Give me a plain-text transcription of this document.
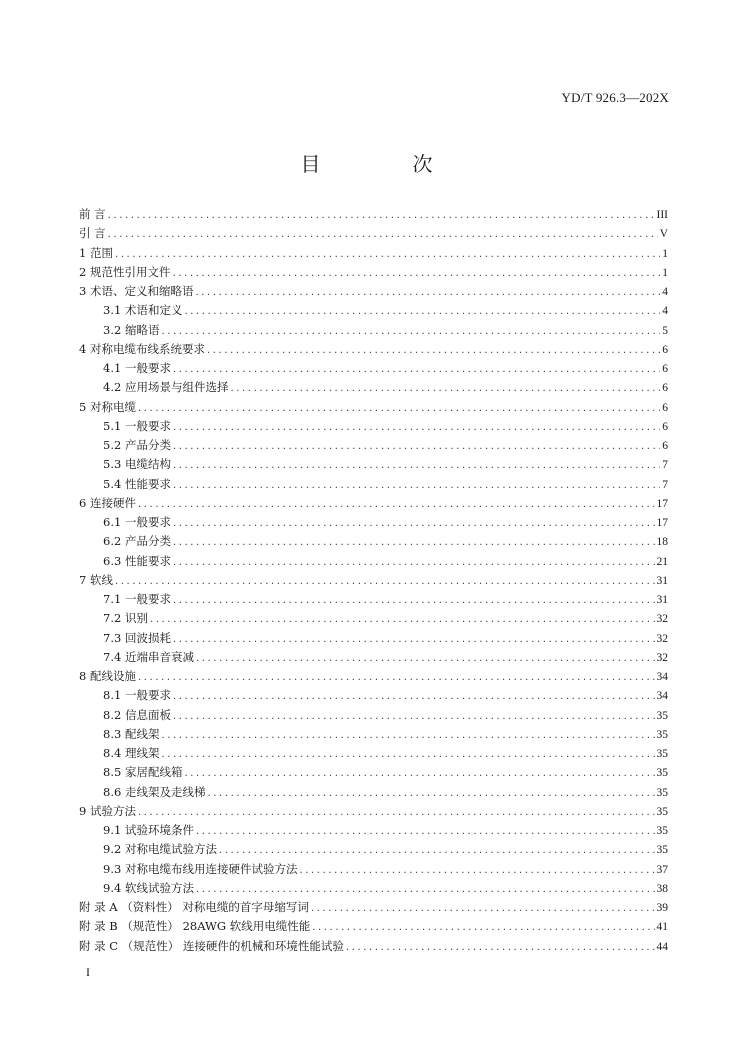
YD/T 926.3—202X
目　次
前 言 .....	III
引 言 .....	V
1 范围 .....	1
2 规范性引用文件 .....	1
3 术语、定义和缩略语 .....	4
3.1 术语和定义 .....	4
3.2 缩略语 .....	5
4 对称电缆布线系统要求 .....	6
4.1 一般要求 .....	6
4.2 应用场景与组件选择 .....	6
5 对称电缆 .....	6
5.1 一般要求 .....	6
5.2 产品分类 .....	6
5.3 电缆结构 .....	7
5.4 性能要求 .....	7
6 连接硬件 .....	17
6.1 一般要求 .....	17
6.2 产品分类 .....	18
6.3 性能要求 .....	21
7 软线 .....	31
7.1 一般要求 .....	31
7.2 识别 .....	32
7.3 回波损耗 .....	32
7.4 近端串音衰减 .....	32
8 配线设施 .....	34
8.1 一般要求 .....	34
8.2 信息面板 .....	35
8.3 配线架 .....	35
8.4 理线架 .....	35
8.5 家居配线箱 .....	35
8.6 走线架及走线梯 .....	35
9 试验方法 .....	35
9.1 试验环境条件 .....	35
9.2 对称电缆试验方法 .....	35
9.3 对称电缆布线用连接硬件试验方法 .....	37
9.4 软线试验方法 .....	38
附 录 A （资料性） 对称电缆的首字母缩写词 .....	39
附 录 B （规范性） 28AWG 软线用电缆性能 .....	41
附 录 C （规范性） 连接硬件的机械和环境性能试验 .....	44
I
